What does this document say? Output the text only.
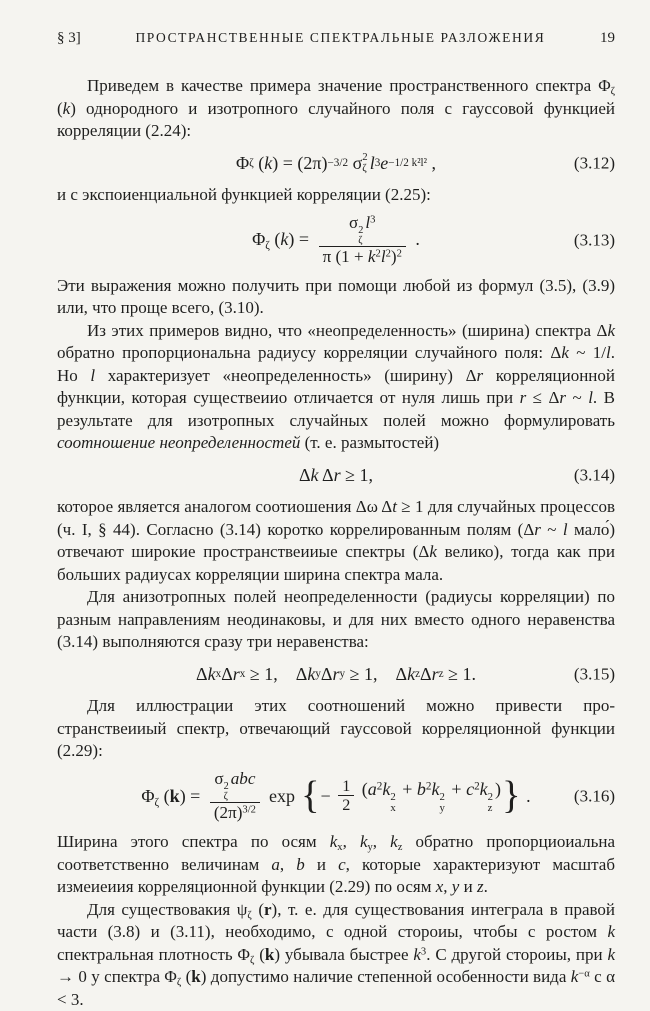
§ 3]	ПРОСТРАНСТВЕННЫЕ СПЕКТРАЛЬНЫЕ РАЗЛОЖЕНИЯ	19

Приведем в качестве примера значение пространственного спектра Φζ (k) однородного и изотропного случайного поля с гауссовой функцией корреляции (2.24):

Φ ζ ( k ) = (2π) −3/2 σ 2
ζ l 3 e −1/2 k²l² ,	(3.12)

и с экспоиенциальной функцией корреляции (2.25):

Φζ (k) = σ 2
ζ
$l^3$
π $(1 + k^2l^2)^2$ .	(3.13)

Эти выражения можно получить при помощи любой из формул (3.5), (3.9) или, что проще всего, (3.10).

Из этих примеров видно, что «неопределенность» (ширина) спектра Δk обратно пропорциональна радиусу корреляции случайного поля: Δk ~ 1/l. Но l характеризует «неопределенность» (ширину) Δr корреляционной функции, которая существеиио отличается от нуля лишь при r ≤ Δr ~ l. В результате для изотропных случайных полей можно формулировать соотношение неопределенностей (т. е. размытостей)

Δ k Δ r ≥ 1,	(3.14)

которое является аналогом соотиошения Δω Δt ≥ 1 для случайных процессов (ч. I, § 44). Согласно (3.14) коротко коррелированным полям (Δr ~ l мало́) отвечают широкие пространствеииые спектры (Δk велико), тогда как при больших радиусах корреляции ширина спектра мала.

Для анизотропных полей неопределенности (радиусы корреляции) по разным направлениям неодинаковы, и для них вместо одного неравенства (3.14) выполняются сразу три неравенства:

Δ k x Δ r x ≥ 1,
  Δ k y Δ r y ≥ 1,
  Δ k z Δ r z ≥ 1.	(3.15)

Для иллюстрации этих соотношений можно привести пространствеииый спектр, отвечающий гауссовой корреляционной функции (2.29):

Φζ (k) = σ 2
ζ
abc
$(2\pi)^{3/2}$ exp { − $\frac{1}{2} (a^2k$ 2
x
+ $b^2k$ 2
y
+ $c^2k$ 2
z
) } .	(3.16)

Ширина этого спектра по осям kx, ky, kz обратно пропорциоиальна соответственно величинам a, b и c, которые характеризуют масштаб измеиеиия корреляционной функции (2.29) по осям x, y и z.

Для существовакия ψζ (r), т. е. для существования интеграла в правой части (3.8) и (3.11), необходимо, с одной стороиы, чтобы с ростом k спектральная плотность Φζ (k) убывала быстрее $k^3$. С другой стороиы, при k → 0 у спектра Φζ (k) допустимо наличие степенной особенности вида $k^{-\alpha}$ с α < 3.
